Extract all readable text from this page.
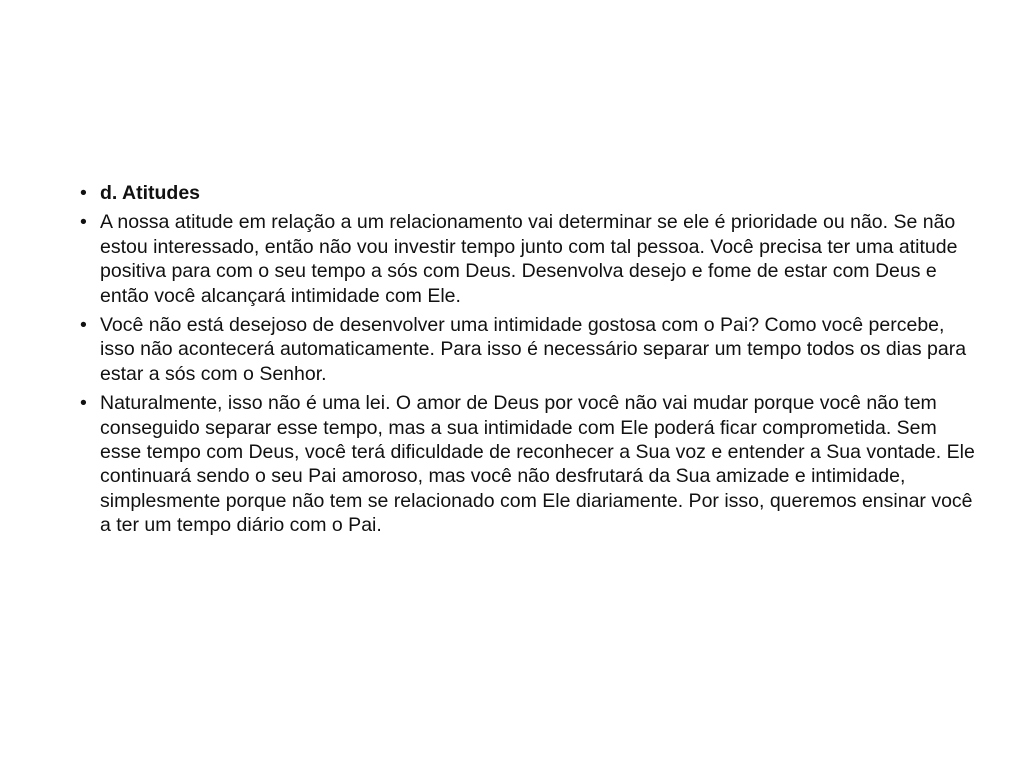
• d. Atitudes
• A nossa atitude em relação a um relacionamento vai determinar se ele é prioridade ou não. Se não estou interessado, então não vou investir tempo junto com tal pessoa. Você precisa ter uma atitude positiva para com o seu tempo a sós com Deus. Desenvolva desejo e fome de estar com Deus e então você alcançará intimidade com Ele.
• Você não está desejoso de desenvolver uma intimidade gostosa com o Pai? Como você percebe, isso não acontecerá automaticamente. Para isso é necessário separar um tempo todos os dias para estar a sós com o Senhor.
• Naturalmente, isso não é uma lei. O amor de Deus por você não vai mudar porque você não tem conseguido separar esse tempo, mas a sua intimidade com Ele poderá ficar comprometida. Sem esse tempo com Deus, você terá dificuldade de reconhecer a Sua voz e entender a Sua vontade. Ele continuará sendo o seu Pai amoroso, mas você não desfrutará da Sua amizade e intimidade, simplesmente porque não tem se relacionado com Ele diariamente. Por isso, queremos ensinar você a ter um tempo diário com o Pai.
